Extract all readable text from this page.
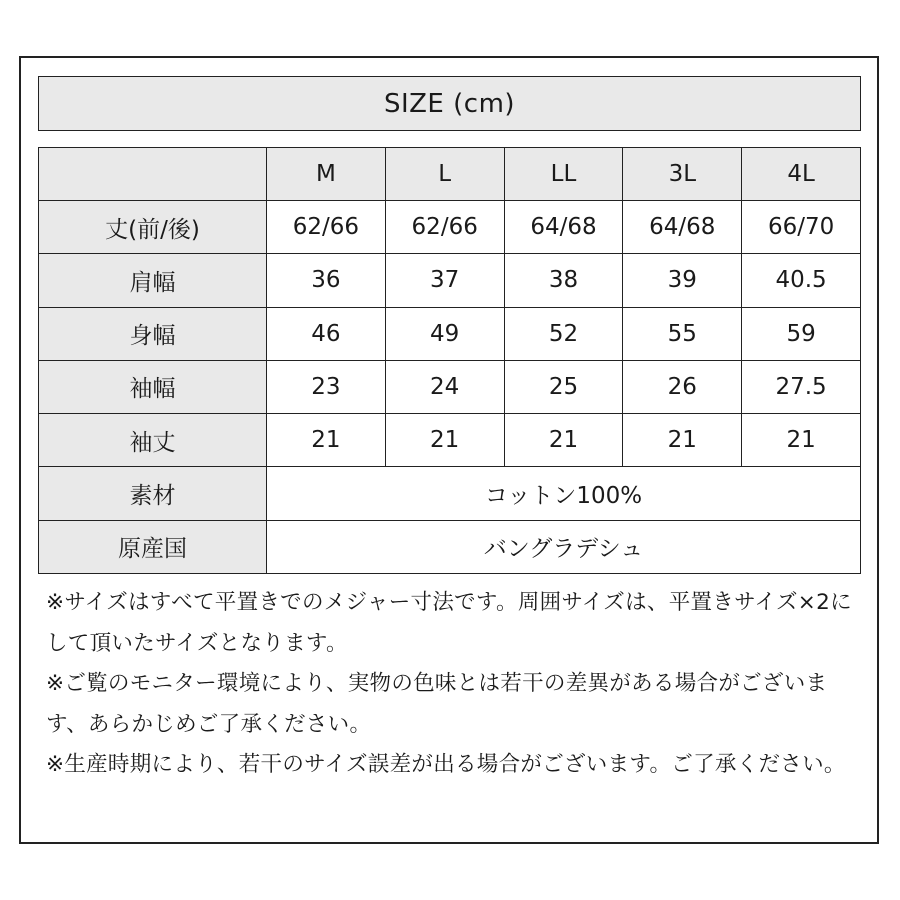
SIZE (cm)
	M	L	LL	3L	4L
丈(前/後)	62/66	62/66	64/68	64/68	66/70
肩幅	36	37	38	39	40.5
身幅	46	49	52	55	59
袖幅	23	24	25	26	27.5
袖丈	21	21	21	21	21
素材	コットン100%				
原産国	バングラデシュ				

※サイズはすべて平置きでのメジャー寸法です。周囲サイズは、平置きサイズ×2にして頂いたサイズとなります。

※ご覧のモニター環境により、実物の色味とは若干の差異がある場合がございます、あらかじめご了承ください。

※生産時期により、若干のサイズ誤差が出る場合がございます。ご了承ください。
